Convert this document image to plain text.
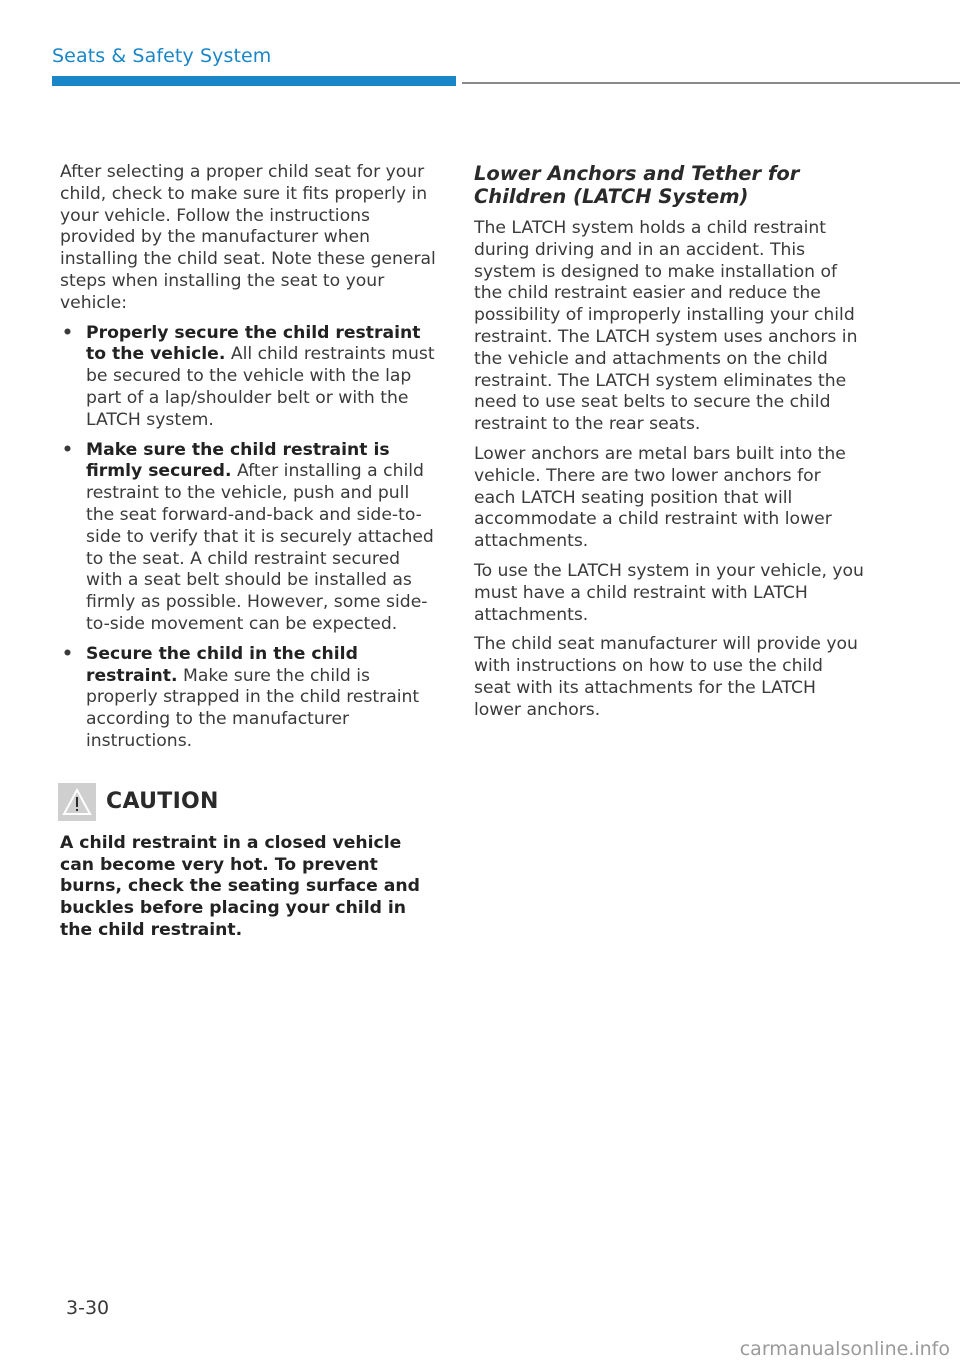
Seats & Safety System

After selecting a proper child seat for your child, check to make sure it fits properly in your vehicle. Follow the instructions provided by the manufacturer when installing the child seat. Note these general steps when installing the seat to your vehicle:

• Properly secure the child restraint to the vehicle. All child restraints must be secured to the vehicle with the lap part of a lap/shoulder belt or with the LATCH system.
• Make sure the child restraint is firmly secured. After installing a child restraint to the vehicle, push and pull the seat forward-and-back and side-to-side to verify that it is securely attached to the seat. A child restraint secured with a seat belt should be installed as firmly as possible. However, some side-to-side movement can be expected.
• Secure the child in the child restraint. Make sure the child is properly strapped in the child restraint according to the manufacturer instructions.
CAUTION

A child restraint in a closed vehicle can become very hot. To prevent burns, check the seating surface and buckles before placing your child in the child restraint.

Lower Anchors and Tether for Children (LATCH System)

The LATCH system holds a child restraint during driving and in an accident. This system is designed to make installation of the child restraint easier and reduce the possibility of improperly installing your child restraint. The LATCH system uses anchors in the vehicle and attachments on the child restraint. The LATCH system eliminates the need to use seat belts to secure the child restraint to the rear seats.

Lower anchors are metal bars built into the vehicle. There are two lower anchors for each LATCH seating position that will accommodate a child restraint with lower attachments.

To use the LATCH system in your vehicle, you must have a child restraint with LATCH attachments.

The child seat manufacturer will provide you with instructions on how to use the child seat with its attachments for the LATCH lower anchors.

3-30
carmanualsonline.info
